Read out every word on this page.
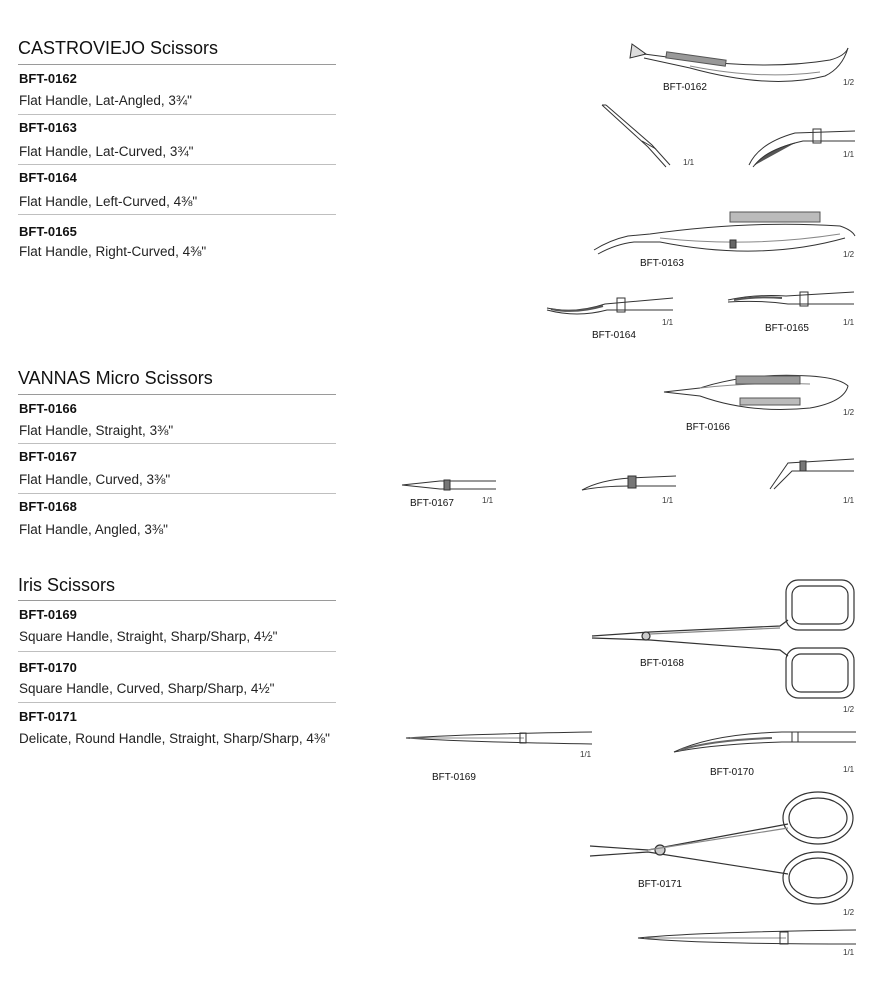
CASTROVIEJO Scissors
BFT-0162
Flat Handle, Lat-Angled, 3¾"
BFT-0163
Flat Handle, Lat-Curved, 3¾"
BFT-0164
Flat Handle, Left-Curved, 4⅜"
BFT-0165
Flat Handle, Right-Curved, 4⅜"
VANNAS Micro Scissors
BFT-0166
Flat Handle, Straight, 3⅜"
BFT-0167
Flat Handle, Curved, 3⅜"
BFT-0168
Flat Handle, Angled, 3⅜"
Iris Scissors
BFT-0169
Square Handle, Straight, Sharp/Sharp, 4½"
BFT-0170
Square Handle, Curved, Sharp/Sharp, 4½"
BFT-0171
Delicate, Round Handle, Straight, Sharp/Sharp, 4⅜"
BFT-0162	1/2
1/1
1/1
BFT-0163
1/2
BFT-0164
1/1
BFT-0165
1/1
BFT-0166
1/2
BFT-0167	1/1	1/1	1/1
BFT-0168
1/2
BFT-0169
1/1
BFT-0170	1/1
BFT-0171
1/2
1/1
